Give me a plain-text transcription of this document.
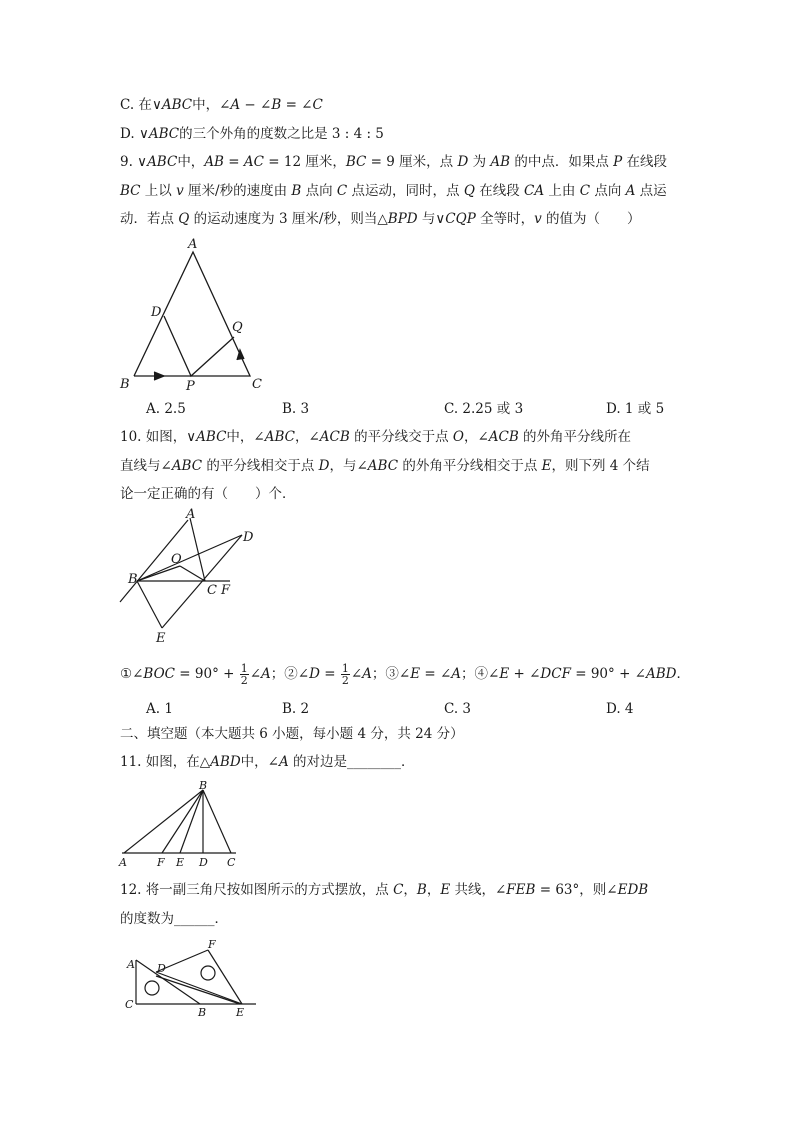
C. 在∨ABC中，∠A − ∠B = ∠C
D. ∨ABC的三个外角的度数之比是 3 : 4 : 5
9. ∨ABC中，AB = AC = 12 厘米，BC = 9 厘米，点 D 为 AB 的中点．如果点 P 在线段
BC 上以 v 厘米/秒的速度由 B 点向 C 点运动，同时，点 Q 在线段 CA 上由 C 点向 A 点运
动．若点 Q 的运动速度为 3 厘米/秒，则当△BPD 与∨CQP 全等时，v 的值为（　　）
A
D
Q
B	P	C
A. 2.5	B. 3	C. 2.25 或 3	D. 1 或 5
10. 如图，∨ABC中，∠ABC，∠ACB 的平分线交于点 O，∠ACB 的外角平分线所在
直线与∠ABC 的平分线相交于点 D，与∠ABC 的外角平分线相交于点 E，则下列 4 个结
论一定正确的有（　　）个．
A
D
O
B
C F
E
①∠BOC = $90^\circ + \frac{1}{2}$ ∠A；②∠D = $\frac{1}{2}$ ∠A；③∠E = ∠A；④∠E + ∠DCF = 90° + ∠ABD．
A. 1	B. 2	C. 3	D. 4
二、填空题（本大题共 6 小题，每小题 4 分，共 24 分）
11. 如图，在△ABD中，∠A 的对边是________．
B
A	F E D C
12. 将一副三角尺按如图所示的方式摆放，点 C，B，E 共线，∠FEB = 63°，则∠EDB
的度数为______．
A D
F
C
B	E
